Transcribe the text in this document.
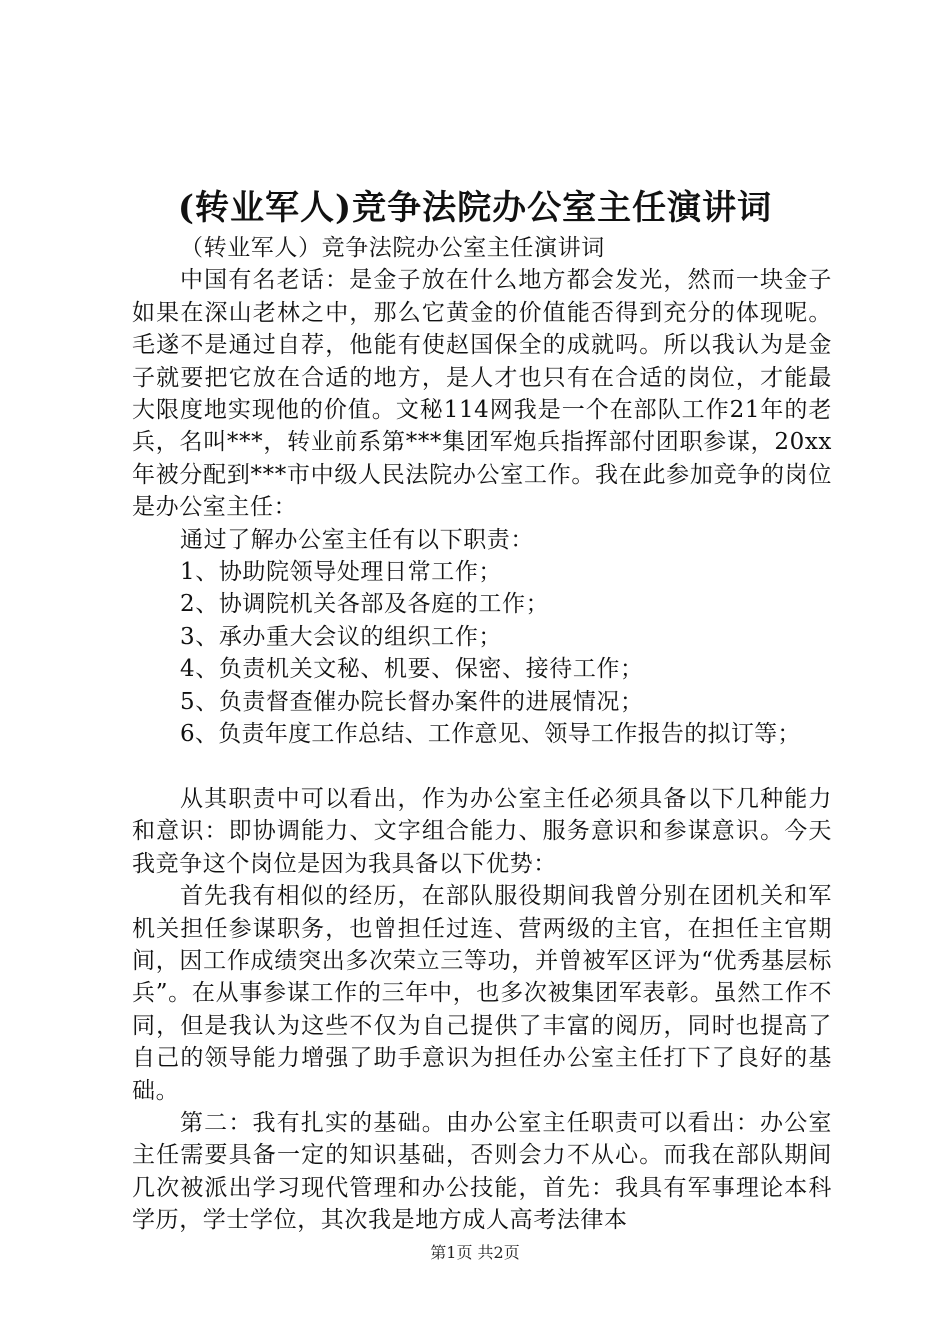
(转业军人)竞争法院办公室主任演讲词

（转业军人）竞争法院办公室主任演讲词

中国有名老话：是金子放在什么地方都会发光，然而一块金子如果在深山老林之中，那么它黄金的价值能否得到充分的体现呢。毛遂不是通过自荐，他能有使赵国保全的成就吗。所以我认为是金子就要把它放在合适的地方，是人才也只有在合适的岗位，才能最大限度地实现他的价值。文秘114网我是一个在部队工作21年的老兵，名叫***，转业前系第***集团军炮兵指挥部付团职参谋，20xx年被分配到***市中级人民法院办公室工作。我在此参加竞争的岗位是办公室主任：

通过了解办公室主任有以下职责：

1、协助院领导处理日常工作；

2、协调院机关各部及各庭的工作；

3、承办重大会议的组织工作；

4、负责机关文秘、机要、保密、接待工作；

5、负责督查催办院长督办案件的进展情况；

6、负责年度工作总结、工作意见、领导工作报告的拟订等；

从其职责中可以看出，作为办公室主任必须具备以下几种能力和意识：即协调能力、文字组合能力、服务意识和参谋意识。今天我竞争这个岗位是因为我具备以下优势：

首先我有相似的经历，在部队服役期间我曾分别在团机关和军机关担任参谋职务，也曾担任过连、营两级的主官，在担任主官期间，因工作成绩突出多次荣立三等功，并曾被军区评为“优秀基层标兵”。在从事参谋工作的三年中，也多次被集团军表彰。虽然工作不同，但是我认为这些不仅为自己提供了丰富的阅历，同时也提高了自己的领导能力增强了助手意识为担任办公室主任打下了良好的基础。

第二：我有扎实的基础。由办公室主任职责可以看出：办公室主任需要具备一定的知识基础，否则会力不从心。而我在部队期间几次被派出学习现代管理和办公技能，首先：我具有军事理论本科学历，学士学位，其次我是地方成人高考法律本

第1页 共2页
